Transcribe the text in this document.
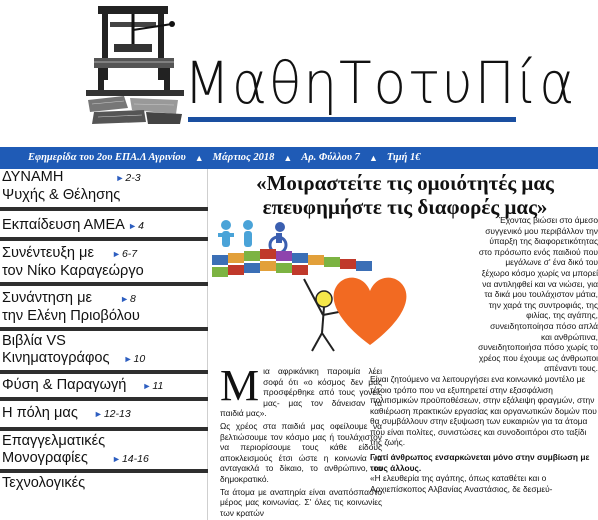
ΜαθηΤοτυΠία
Εφημερίδα του 2ου ΕΠΑ.Λ Αγρινίου ▲ Μάρτιος 2018 ▲ Αρ. Φύλλου 7 ▲ Τιμή 1€
ΔΥΝΑΜΗ	►2-3
Ψυχής & Θέλησης
Εκπαίδευση ΑΜΕΑ ►4
Συνέντευξη με ►6-7
τον Νίκο Καραγεώργο
Συνάντηση με	►8
την Ελένη Πριοβόλου
Βιβλία VS
Κινηματογράφος ►10
Φύση & Παραγωγή ►11
Η πόλη μας ►12-13
Επαγγελματικές
Μονογραφίες	►14-16
Τεχνολογικές
«Μοιραστείτε τις ομοιότητές μας
επευφημήστε τις διαφορές μας»

Έχοντας βιώσει στο άμεσο συγγενικό μου περιβάλλον την ύπαρξη της διαφορετικότητας στο πρόσωπο ενός παιδιού που μεγάλωνε σ' ένα δικό του ξέχωρο κόσμο χωρίς να μπορεί να αντιληφθεί και να νιώσει, για τα δικά μου τουλάχιστον μάτια, την χαρά της συντροφιάς, της φιλίας, της αγάπης, συνειδητοποίησα πόσο απλά και ανθρώπινα, συνειδητοποιήσα πόσο χωρίς το χρέος που έχουμε ως άνθρωποι απέναντι τους.

Είναι ζητούμενο να λειτουργήσει ενα κοινωνικό μοντέλο με τέτοιο τρόπο που να εξυπηρετεί στην εξασφάλιση πολιτισμικών προϋποθέσεων, στην εξάλειψη φραγμών, στην καθιέρωση πρακτικών εργασίας και οργανωτικών δομών που θα συμβάλλουν στην εξυψωση των ευκαιριών για τα άτομα που είναι πολίτες, συνιστώσες και συνοδοιπόροι στο ταξίδι της ζωής.

Γιατί άνθρωπος ενσαρκώνεται μόνο στην συμβίωση με τους άλλους.

«Η ελευθερία της αγάπης, όπως καταθέτει και ο Αρχιεπίσκοπος Αλβανίας Αναστάσιος, δε δεσμεύ-

Μ ια αφρικάνικη παροιμία λέει σοφά ότι «ο κόσμος δεν μας προσφέρθηκε από τους γονείς μας- μας τον δάνεισαν τα παιδιά μας».

Ως χρέος στα παιδιά μας οφείλουμε να βελτιώσουμε τον κόσμο μας ή τουλάχιστον να περιορίσουμε τους κάθε είδους αποκλεισμούς έτσι ώστε η κοινωνία να ανταγακλά το δίκαιο, το ανθρώπινο, το δημοκρατικό.

Τα άτομα με αναπηρία είναι αναπόσπαστο μέρος μας κοινωνίας. Σ' όλες τις κοινωνίες των κρατών
